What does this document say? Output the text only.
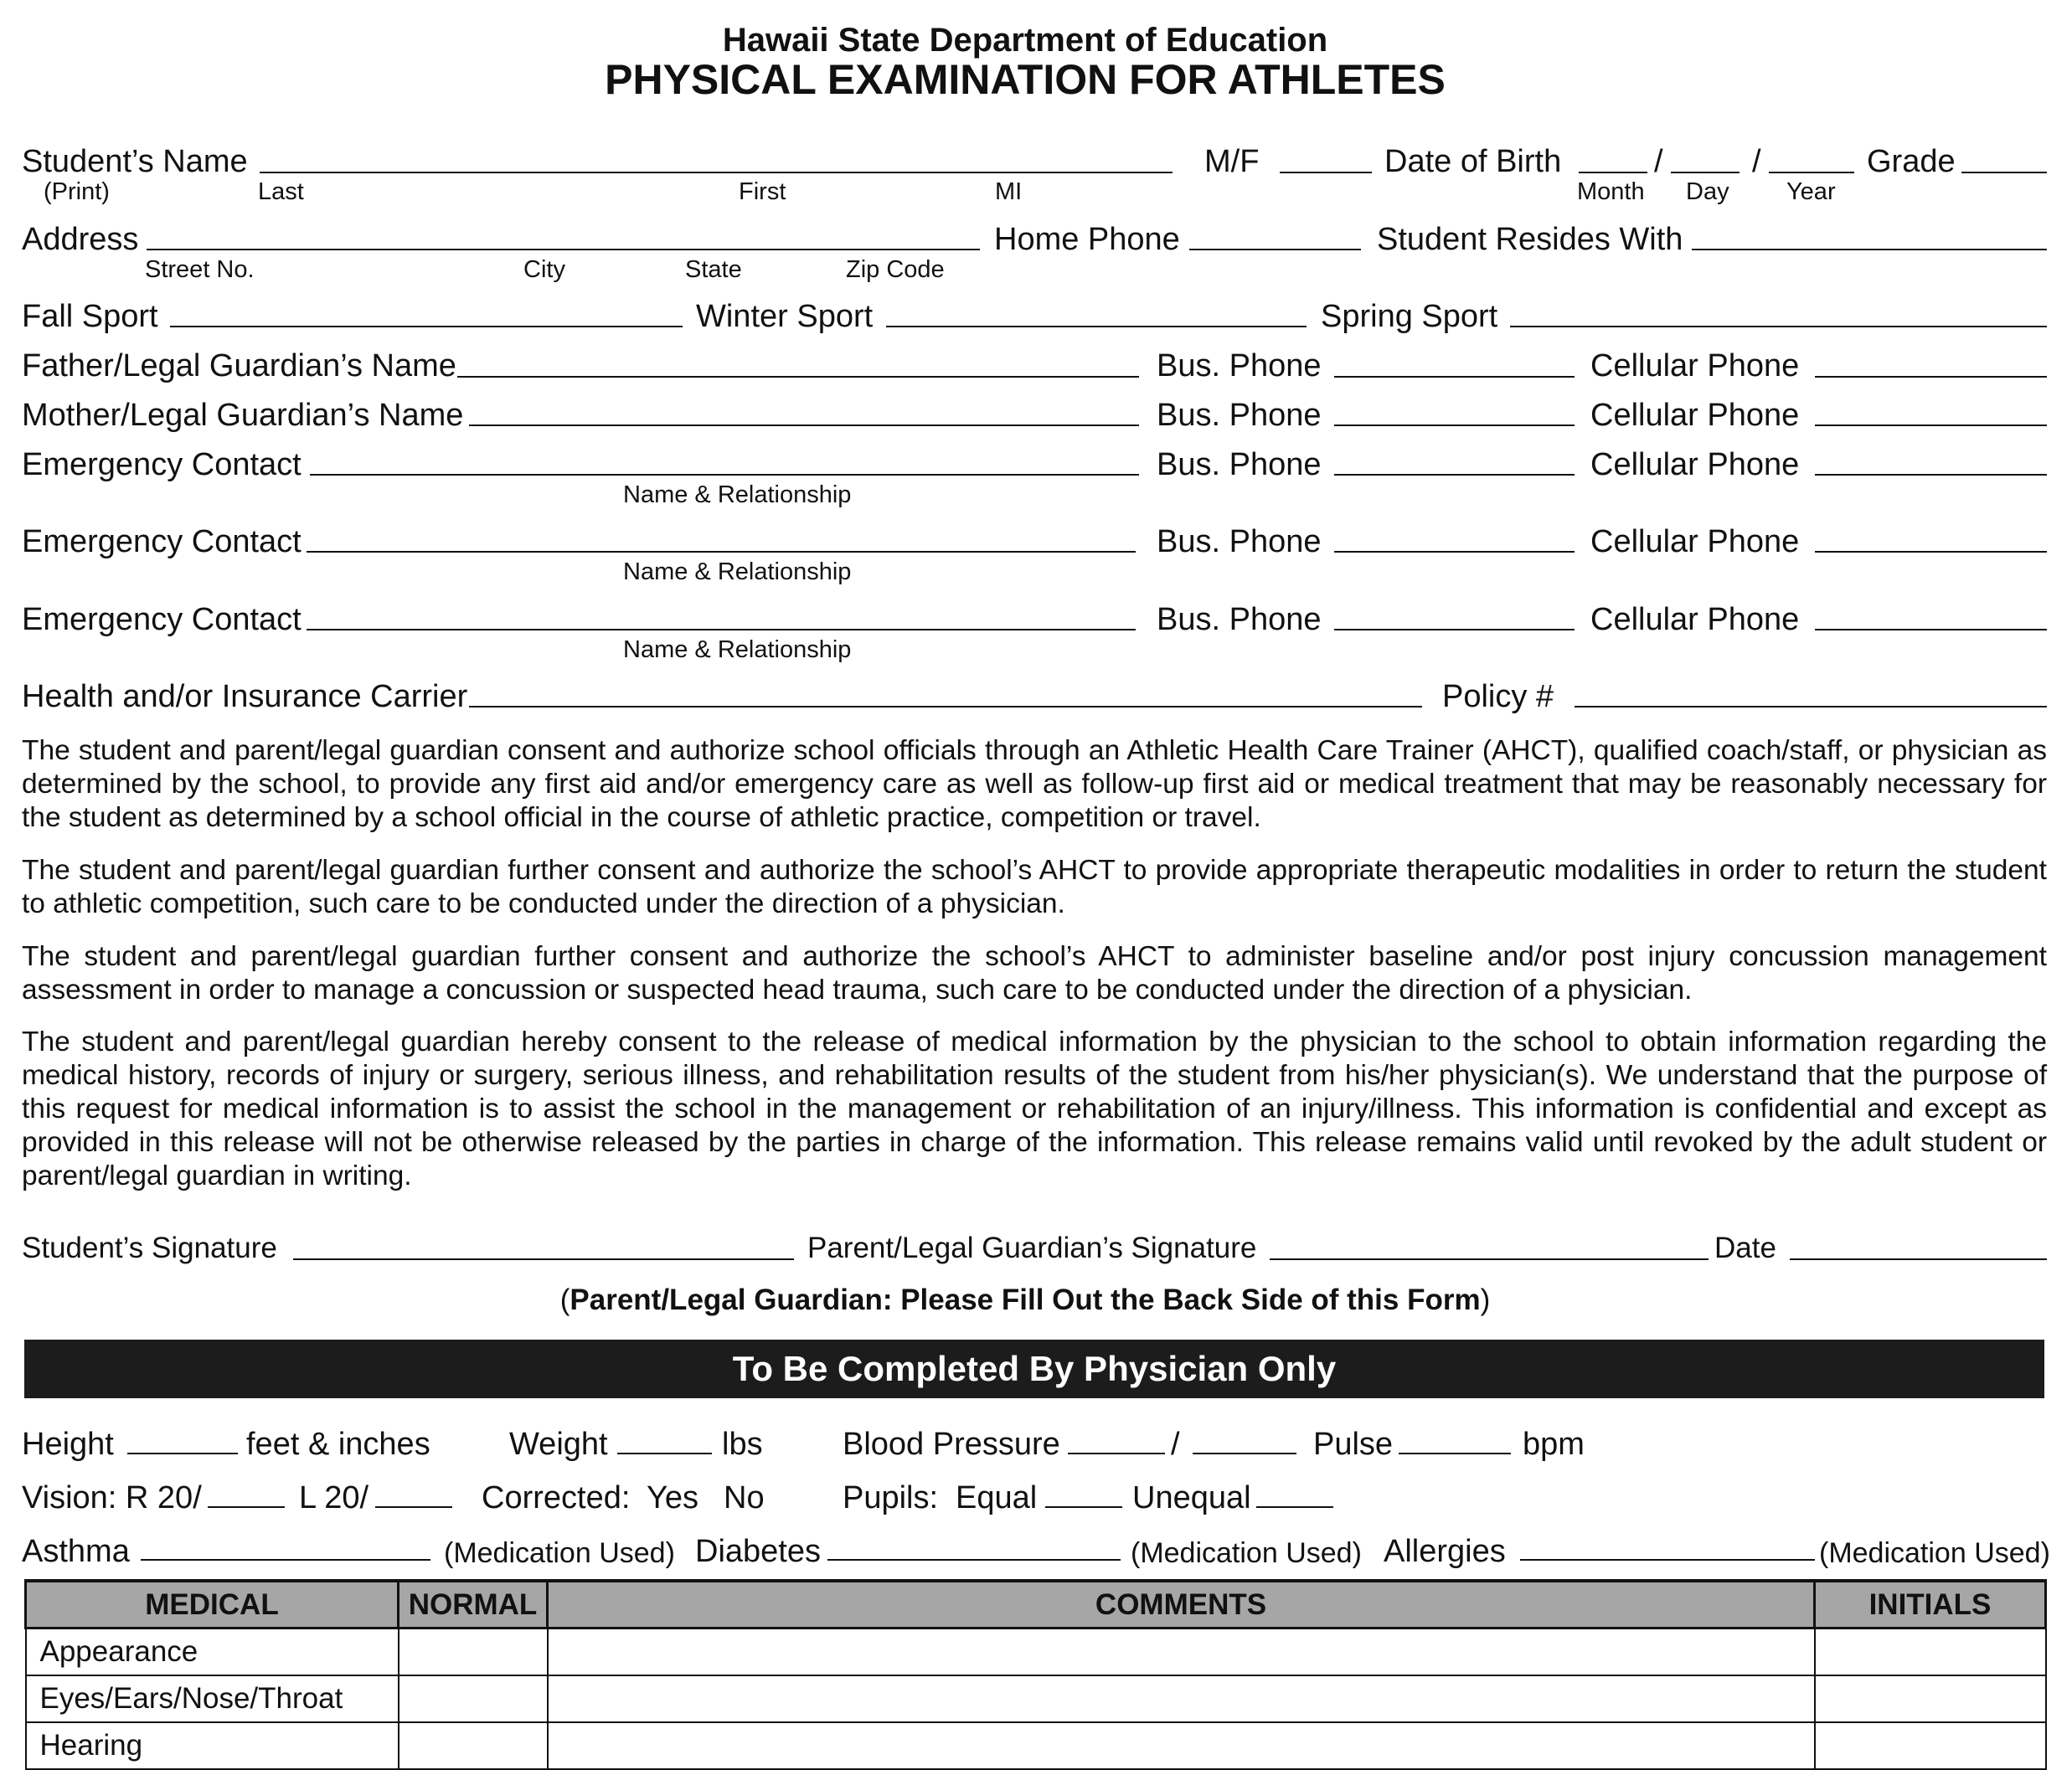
Hawaii State Department of Education
PHYSICAL EXAMINATION FOR ATHLETES
Student’s Name
(Print)	Last	First	MI
M/F	Date of Birth	/	/
Month Day Year
Grade
Address
Street No.	City	State	Zip Code
Home Phone	Student Resides With
Fall Sport	Winter Sport	Spring Sport
Father/Legal Guardian’s Name	Bus. Phone	Cellular Phone
Mother/Legal Guardian’s Name	Bus. Phone	Cellular Phone
Emergency Contact
Name & Relationship
Bus. Phone	Cellular Phone
Emergency Contact
Name & Relationship
Bus. Phone	Cellular Phone
Emergency Contact
Name & Relationship
Bus. Phone	Cellular Phone
Health and/or Insurance Carrier	Policy #

The student and parent/legal guardian consent and authorize school officials through an Athletic Health Care Trainer (AHCT), qualified coach/staff, or physician as determined by the school, to provide any first aid and/or emergency care as well as follow-up first aid or medical treatment that may be reasonably necessary for the student as determined by a school official in the course of athletic practice, competition or travel.

The student and parent/legal guardian further consent and authorize the school’s AHCT to provide appropriate therapeutic modalities in order to return the student to athletic competition, such care to be conducted under the direction of a physician.

The student and parent/legal guardian further consent and authorize the school’s AHCT to administer baseline and/or post injury concussion management assessment in order to manage a concussion or suspected head trauma, such care to be conducted under the direction of a physician.

The student and parent/legal guardian hereby consent to the release of medical information by the physician to the school to obtain information regarding the medical history, records of injury or surgery, serious illness, and rehabilitation results of the student from his/her physician(s). We understand that the purpose of this request for medical information is to assist the school in the management or rehabilitation of an injury/illness. This information is confidential and except as provided in this release will not be otherwise released by the parties in charge of the information. This release remains valid until revoked by the adult student or parent/legal guardian in writing.

Student’s Signature	Parent/Legal Guardian’s Signature	Date
(Parent/Legal Guardian: Please Fill Out the Back Side of this Form)
To Be Completed By Physician Only
Height	feet & inches Weight	lbs	Blood Pressure	/	Pulse	bpm
Vision: R 20/	L 20/	Corrected: Yes No Pupils: Equal	Unequal
Asthma	(Medication Used) Diabetes	(Medication Used) Allergies	(Medication Used)
MEDICAL	NORMAL	COMMENTS	INITIALS
Appearance			
Eyes/Ears/Nose/Throat			
Hearing			
